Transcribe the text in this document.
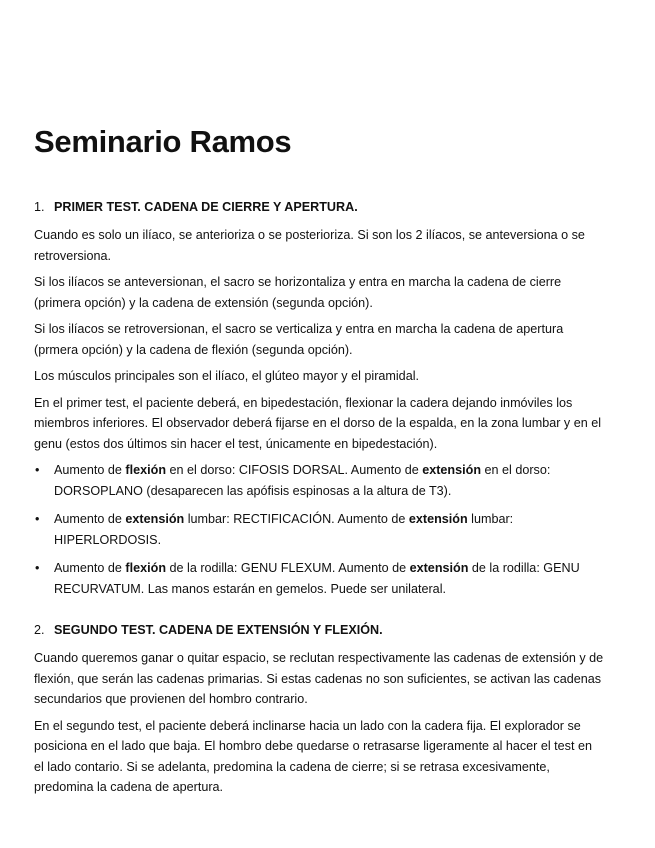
Seminario Ramos
1. PRIMER TEST. CADENA DE CIERRE Y APERTURA.

Cuando es solo un ilíaco, se anterioriza o se posterioriza. Si son los 2 ilíacos, se anteversiona o se retroversiona.

Si los ilíacos se anteversionan, el sacro se horizontaliza y entra en marcha la cadena de cierre (primera opción) y la cadena de extensión (segunda opción).

Si los ilíacos se retroversionan, el sacro se verticaliza y entra en marcha la cadena de apertura (prmera opción) y la cadena de flexión (segunda opción).

Los músculos principales son el ilíaco, el glúteo mayor y el piramidal.

En el primer test, el paciente deberá, en bipedestación, flexionar la cadera dejando inmóviles los miembros inferiores. El observador deberá fijarse en el dorso de la espalda, en la zona lumbar y en el genu (estos dos últimos sin hacer el test, únicamente en bipedestación).

• Aumento de flexión en el dorso: CIFOSIS DORSAL. Aumento de extensión en el dorso: DORSOPLANO (desaparecen las apófisis espinosas a la altura de T3).
• Aumento de extensión lumbar: RECTIFICACIÓN. Aumento de extensión lumbar: HIPERLORDOSIS.
• Aumento de flexión de la rodilla: GENU FLEXUM. Aumento de extensión de la rodilla: GENU RECURVATUM. Las manos estarán en gemelos. Puede ser unilateral.
2. SEGUNDO TEST. CADENA DE EXTENSIÓN Y FLEXIÓN.

Cuando queremos ganar o quitar espacio, se reclutan respectivamente las cadenas de extensión y de flexión, que serán las cadenas primarias. Si estas cadenas no son suficientes, se activan las cadenas secundarios que provienen del hombro contrario.

En el segundo test, el paciente deberá inclinarse hacia un lado con la cadera fija. El explorador se posiciona en el lado que baja. El hombro debe quedarse o retrasarse ligeramente al hacer el test en el lado contario. Si se adelanta, predomina la cadena de cierre; si se retrasa excesivamente, predomina la cadena de apertura.
